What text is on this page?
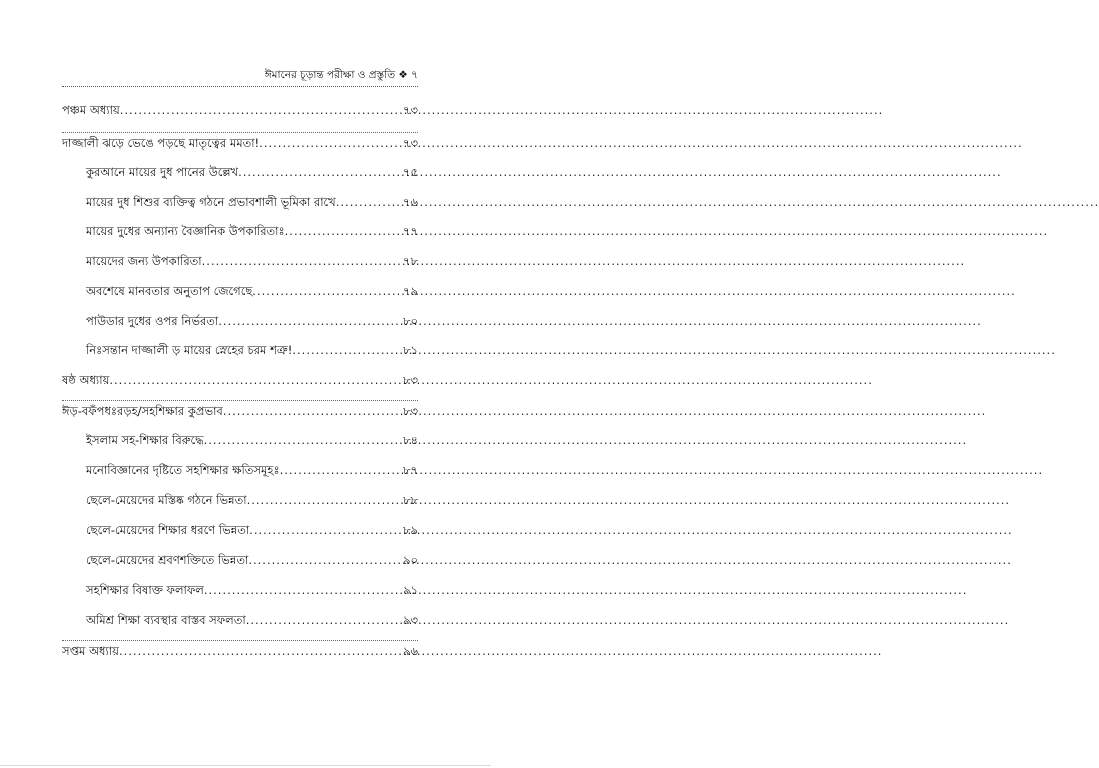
ঈমানের চূড়ান্ত পরীক্ষা ও প্রস্তুতি ❖ ৭
পঞ্চম অধ্যায় .....	৭৩
দাজ্জালী ঝড়ে ভেঙে পড়ছে মাতৃত্বের মমতা! .....	৭৩
কুরআনে মায়ের দুধ পানের উল্লেখ .....	৭৫
মায়ের দুধ শিশুর ব্যক্তিত্ব গঠনে প্রভাবশালী ভূমিকা রাখে .....	৭৬
মায়ের দুধের অন্যান্য বৈজ্ঞানিক উপকারিতাঃ .....	৭৭
মায়েদের জন্য উপকারিতা .....	৭৮
অবশেষে মানবতার অনুতাপ জেগেছে .....	৭৯
পাউডার দুধের ওপর নির্ভরতা .....	৮০
নিঃসন্তান দাজ্জালী ড় মায়ের স্নেহের চরম শত্রু! .....	৮১
ষষ্ঠ অধ্যায় .....	৮৩
ঈড়-বফঁপধঃরড়হ/সহশিক্ষার কুপ্রভাব .....	৮৩
ইসলাম সহ-শিক্ষার বিরুদ্ধে .....	৮৪
মনোবিজ্ঞানের দৃষ্টিতে সহশিক্ষার ক্ষতিসমূহঃ .....	৮৭
ছেলে-মেয়েদের মস্তিষ্ক গঠনে ভিন্নতা .....	৮৮
ছেলে-মেয়েদের শিক্ষার ধরণে ভিন্নতা .....	৮৯
ছেলে-মেয়েদের শ্রবণশক্তিতে ভিন্নতা .....	৯০
সহশিক্ষার বিষাক্ত ফলাফল .....	৯১
অমিশ্র শিক্ষা ব্যবস্থার বাস্তব সফলতা .....	৯৩
সপ্তম অধ্যায় .....	৯৬
